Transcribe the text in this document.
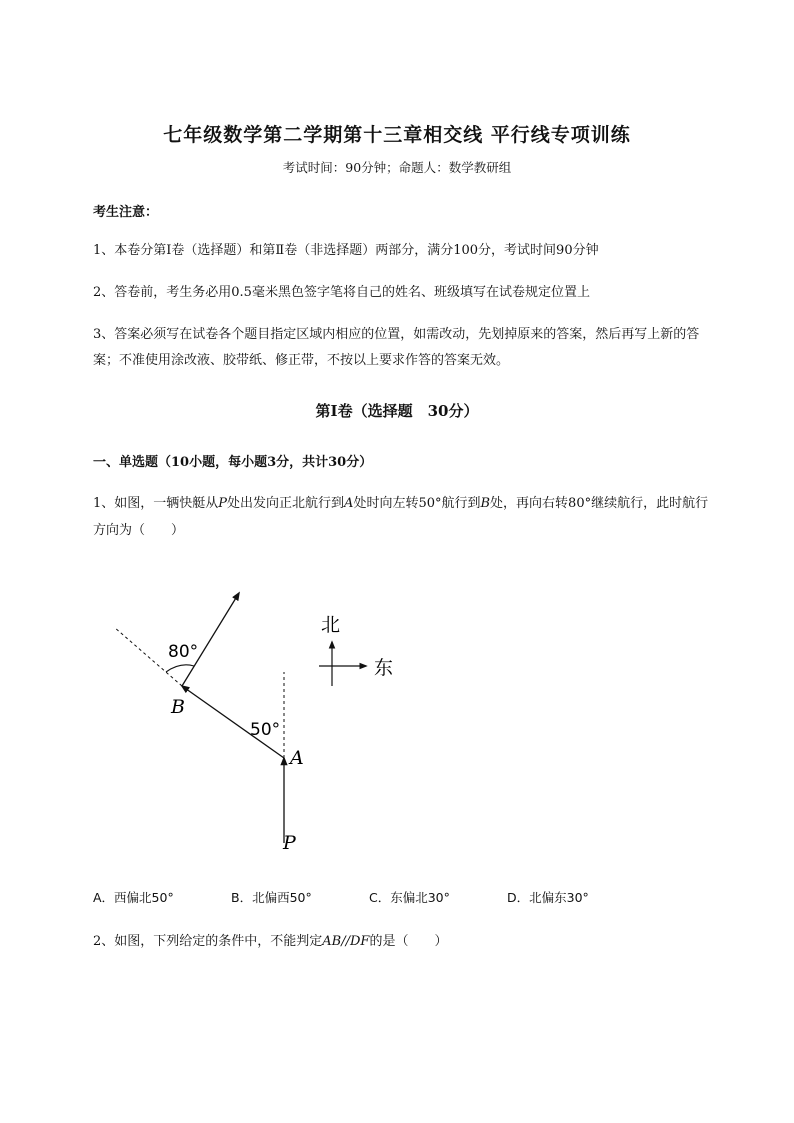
七年级数学第二学期第十三章相交线 平行线专项训练
考试时间：90分钟；命题人：数学教研组
考生注意：
1、本卷分第I卷（选择题）和第Ⅱ卷（非选择题）两部分，满分100分，考试时间90分钟
2、答卷前，考生务必用0.5毫米黑色签字笔将自己的姓名、班级填写在试卷规定位置上
3、答案必须写在试卷各个题目指定区域内相应的位置，如需改动，先划掉原来的答案，然后再写上新的答案；不准使用涂改液、胶带纸、修正带，不按以上要求作答的答案无效。
第I卷（选择题　30分）
一、单选题（10小题，每小题3分，共计30分）
1、如图，一辆快艇从P处出发向正北航行到A处时向左转50°航行到B处，再向右转80°继续航行，此时航行方向为（　　）
80°
50°
B
A
P
北
东
A．西偏北50°	B．北偏西50°	C．东偏北30°	D．北偏东30°
2、如图，下列给定的条件中，不能判定AB//DF的是（　　）
